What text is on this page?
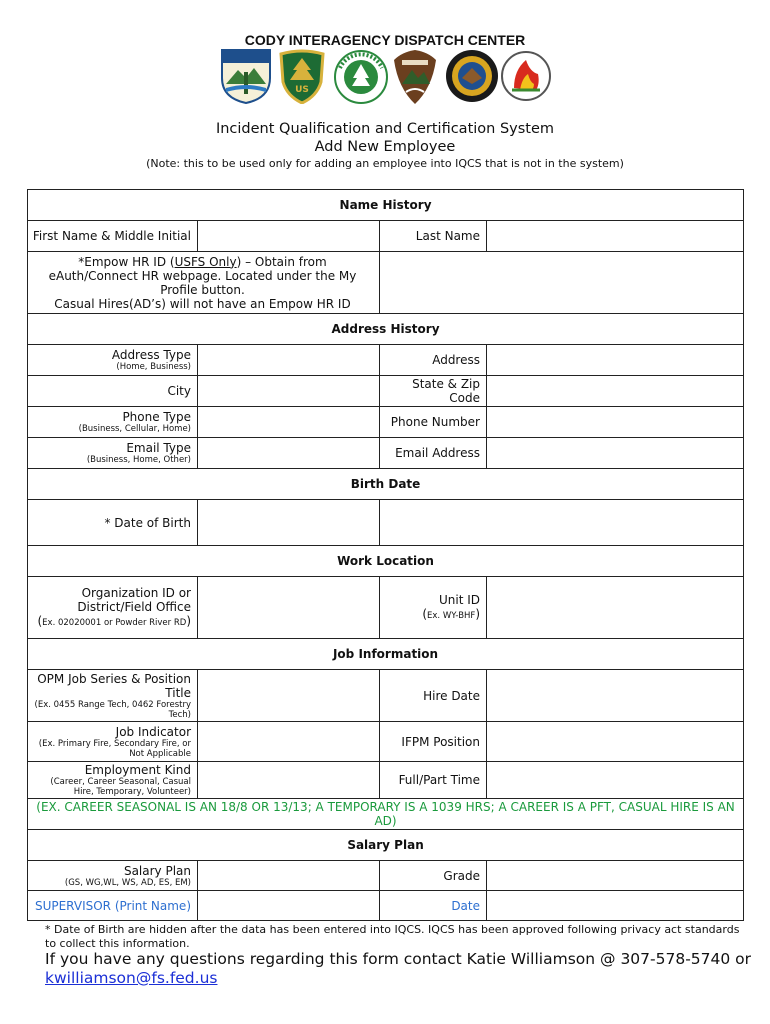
CODY INTERAGENCY DISPATCH CENTER
US
Incident Qualification and Certification System
Add New Employee
(Note: this to be used only for adding an employee into IQCS that is not in the system)
Name History			
First Name & Middle Initial		Last Name	
*Empow HR ID (USFS Only) – Obtain from eAuth/Connect HR webpage. Located under the My Profile button.
Casual Hires(AD’s) will not have an Empow HR ID			
Address History			
Address Type
(Home, Business)		Address	
City		State & Zip Code	
Phone Type
(Business, Cellular, Home)		Phone Number	
Email Type
(Business, Home, Other)		Email Address	
Birth Date			
* Date of Birth			
Work Location			
Organization ID or District/Field Office
(Ex. 02020001 or Powder River RD)		Unit ID
(Ex. WY-BHF)	
Job Information			
OPM Job Series & Position Title
(Ex. 0455 Range Tech, 0462 Forestry Tech)		Hire Date	
Job Indicator
(Ex. Primary Fire, Secondary Fire, or Not Applicable		IFPM Position	
Employment Kind
(Career, Career Seasonal, Casual Hire, Temporary, Volunteer)		Full/Part Time	
(EX. CAREER SEASONAL IS AN 18/8 OR 13/13; A TEMPORARY IS A 1039 HRS; A CAREER IS A PFT, CASUAL HIRE IS AN AD)			
Salary Plan			
Salary Plan
(GS, WG,WL, WS, AD, ES, EM)		Grade	
SUPERVISOR (Print Name)		Date	
* Date of Birth are hidden after the data has been entered into IQCS. IQCS has been approved following privacy act standards to collect this information.
If you have any questions regarding this form contact Katie Williamson @ 307-578-5740 or kwilliamson@fs.fed.us
